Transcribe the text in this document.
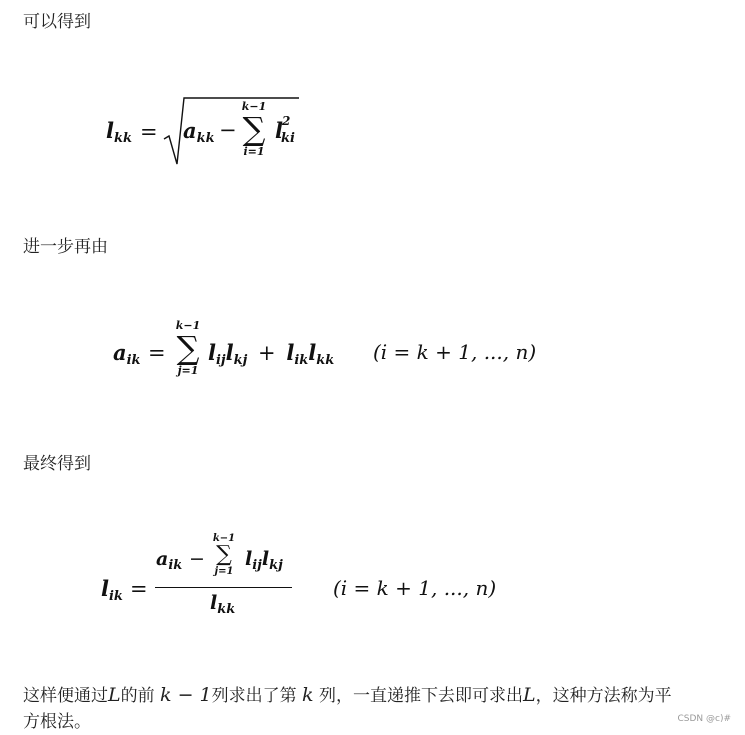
可以得到

lkk = akk −
k−1
∑
i=1
l 2
ki

进一步再由

aik =
k−1
∑
j=1
lijlkj + liklkk (i = k + 1, ..., n)

最终得到

lik =
$a_{ik}$ −
k−1
∑
j=1
$l_{ij}l_{kj}$
$l_{kk}$
(i = k + 1, ..., n)

这样便通过L的前 k − 1列求出了第 k 列，一直递推下去即可求出L，这种方法称为平
方根法。	CSDN @c)#
